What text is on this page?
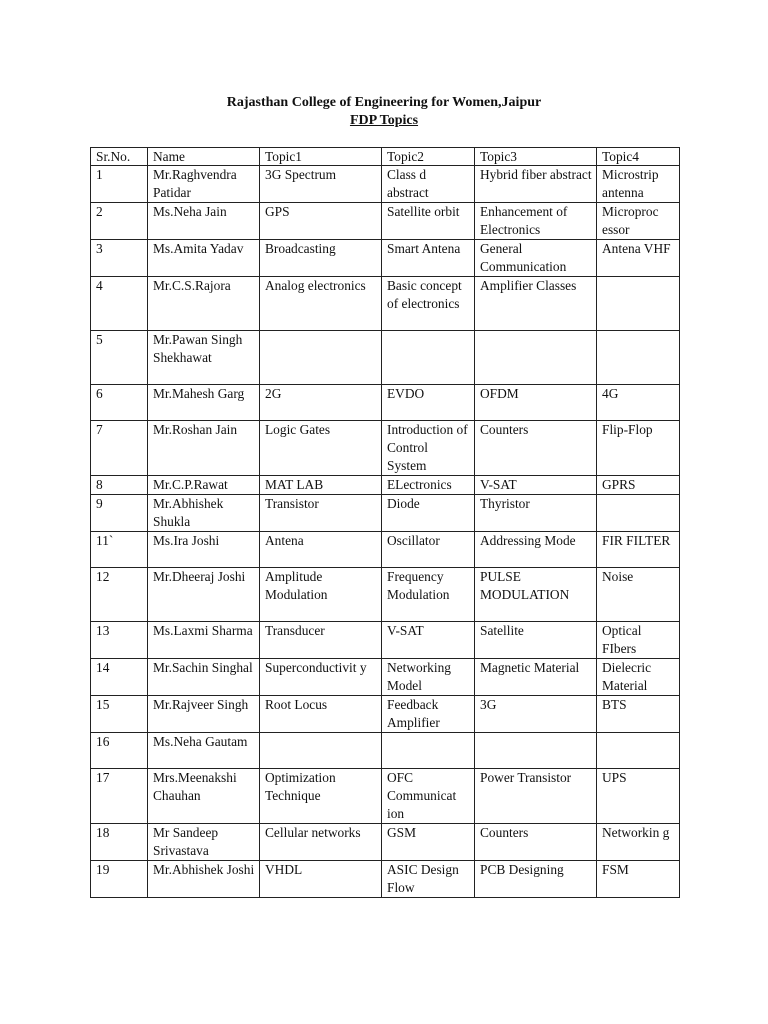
Rajasthan College of Engineering for Women,Jaipur
FDP Topics
Sr.No.	Name	Topic1	Topic2	Topic3	Topic4
1	Mr.Raghvendra Patidar	3G Spectrum	Class d abstract	Hybrid fiber abstract	Microstrip antenna
2	Ms.Neha Jain	GPS	Satellite orbit	Enhancement of Electronics	Microproc essor
3	Ms.Amita Yadav	Broadcasting	Smart Antena	General Communication	Antena VHF
4	Mr.C.S.Rajora	Analog electronics	Basic concept of electronics	Amplifier Classes	
5	Mr.Pawan Singh Shekhawat				
6	Mr.Mahesh Garg	2G	EVDO	OFDM	4G
7	Mr.Roshan Jain	Logic Gates	Introduction of Control System	Counters	Flip-Flop
8	Mr.C.P.Rawat	MAT LAB	ELectronics	V-SAT	GPRS
9	Mr.Abhishek Shukla	Transistor	Diode	Thyristor	
11`	Ms.Ira Joshi	Antena	Oscillator	Addressing Mode	FIR FILTER
12	Mr.Dheeraj Joshi	Amplitude Modulation	Frequency Modulation	PULSE MODULATION	Noise
13	Ms.Laxmi Sharma	Transducer	V-SAT	Satellite	Optical FIbers
14	Mr.Sachin Singhal	Superconductivit y	Networking Model	Magnetic Material	Dielecric Material
15	Mr.Rajveer Singh	Root Locus	Feedback Amplifier	3G	BTS
16	Ms.Neha Gautam				
17	Mrs.Meenakshi Chauhan	Optimization Technique	OFC Communicat ion	Power Transistor	UPS
18	Mr Sandeep Srivastava	Cellular networks	GSM	Counters	Networkin g
19	Mr.Abhishek Joshi	VHDL	ASIC Design Flow	PCB Designing	FSM
